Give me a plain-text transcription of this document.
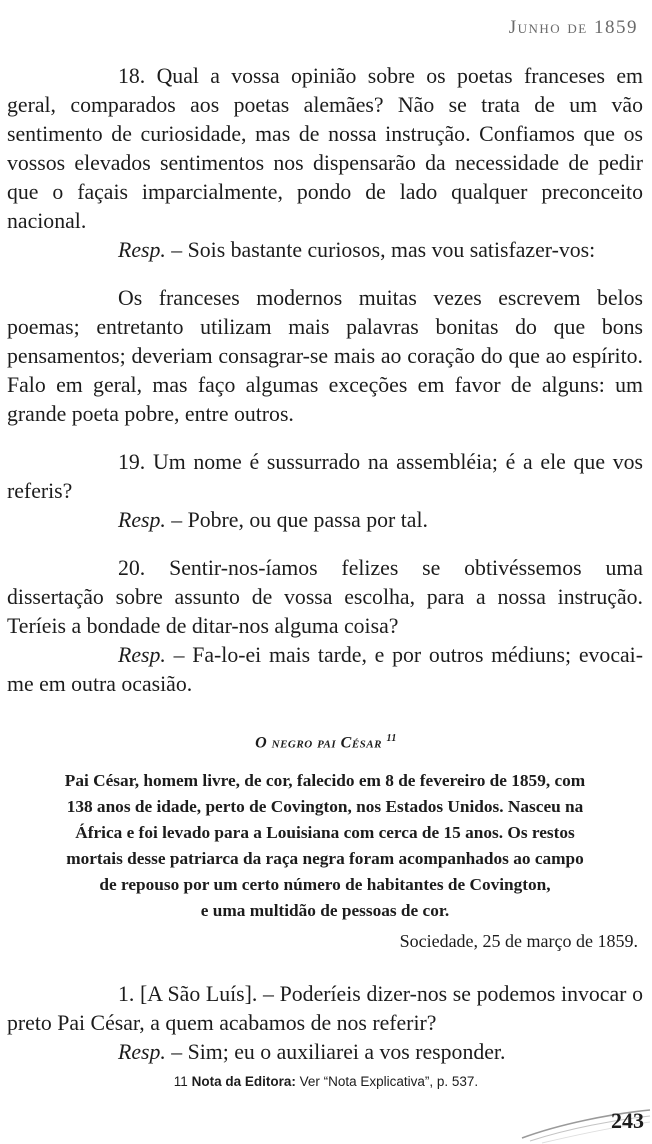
Junho de 1859

18. Qual a vossa opinião sobre os poetas franceses em geral, comparados aos poetas alemães? Não se trata de um vão sentimento de curiosidade, mas de nossa instrução. Confiamos que os vossos elevados sentimentos nos dispensarão da necessidade de pedir que o façais imparcialmente, pondo de lado qualquer preconceito nacional.

Resp. – Sois bastante curiosos, mas vou satisfazer-vos:

Os franceses modernos muitas vezes escrevem belos poemas; entretanto utilizam mais palavras bonitas do que bons pensamentos; deveriam consagrar-se mais ao coração do que ao espírito. Falo em geral, mas faço algumas exceções em favor de alguns: um grande poeta pobre, entre outros.

19. Um nome é sussurrado na assembléia; é a ele que vos referis?

Resp. – Pobre, ou que passa por tal.

20. Sentir-nos-íamos felizes se obtivéssemos uma dissertação sobre assunto de vossa escolha, para a nossa instrução. Teríeis a bondade de ditar-nos alguma coisa?

Resp. – Fa-lo-ei mais tarde, e por outros médiuns; evocai-me em outra ocasião.

O negro pai César $^{11}$
Pai César, homem livre, de cor, falecido em 8 de fevereiro de 1859, com
138 anos de idade, perto de Covington, nos Estados Unidos. Nasceu na
África e foi levado para a Louisiana com cerca de 15 anos. Os restos
mortais desse patriarca da raça negra foram acompanhados ao campo
de repouso por um certo número de habitantes de Covington,
e uma multidão de pessoas de cor.
Sociedade, 25 de março de 1859.

1. [A São Luís]. – Poderíeis dizer-nos se podemos invocar o preto Pai César, a quem acabamos de nos referir?

Resp. – Sim; eu o auxiliarei a vos responder.

11 Nota da Editora: Ver “Nota Explicativa”, p. 537.
243
